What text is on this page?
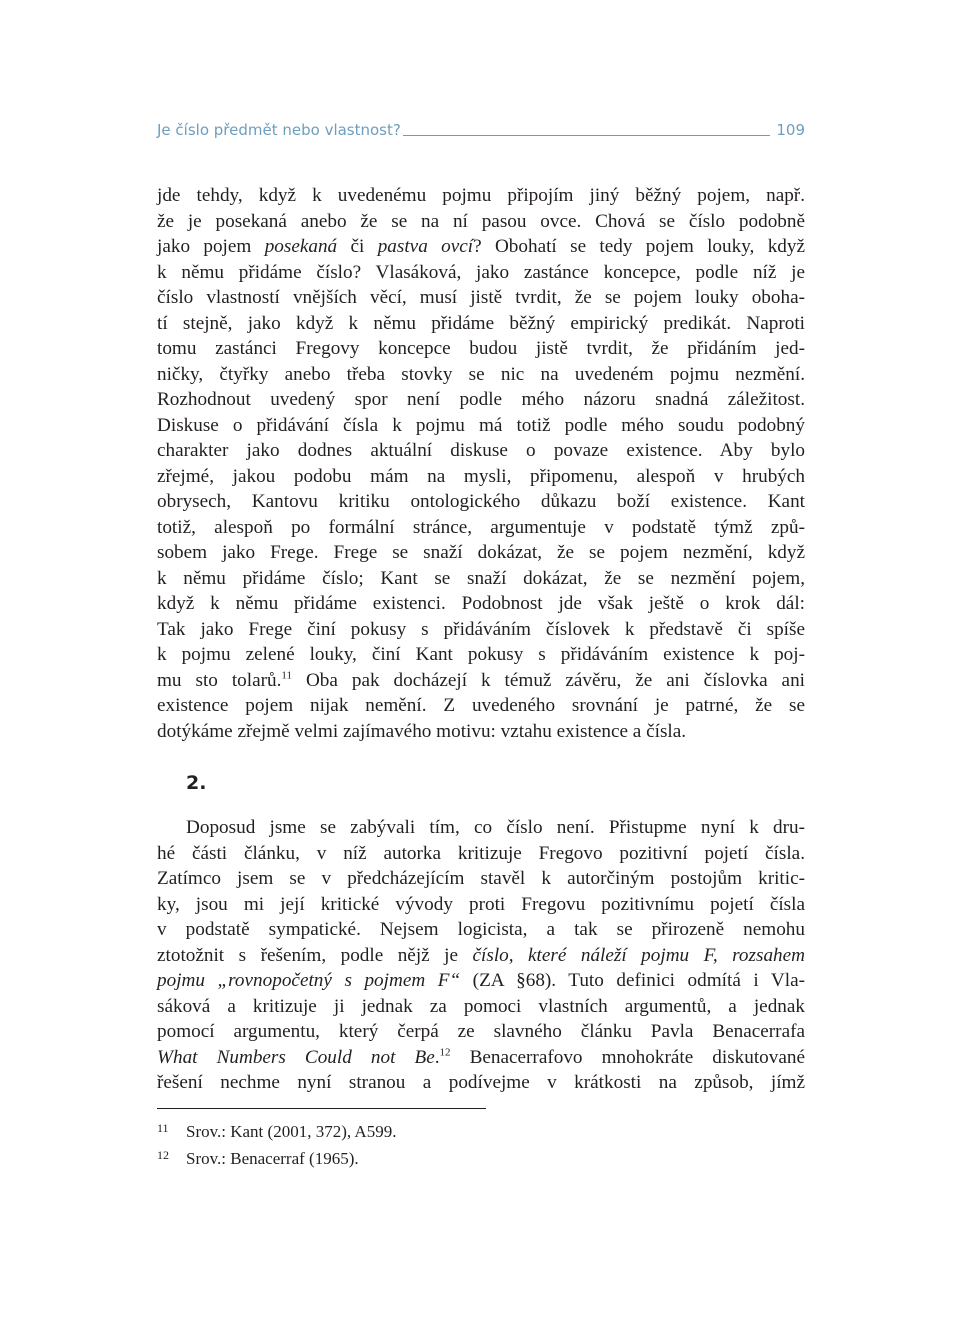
Je číslo předmět nebo vlastnost?	109
jde tehdy, když k uvedenému pojmu připojím jiný běžný pojem, např.
že je posekaná anebo že se na ní pasou ovce. Chová se číslo podobně
jako pojem posekaná či pastva ovcí? Obohatí se tedy pojem louky, když
k němu přidáme číslo? Vlasáková, jako zastánce koncepce, podle níž je
číslo vlastností vnějších věcí, musí jistě tvrdit, že se pojem louky oboha-
tí stejně, jako když k němu přidáme běžný empirický predikát. Naproti
tomu zastánci Fregovy koncepce budou jistě tvrdit, že přidáním jed-
ničky, čtyřky anebo třeba stovky se nic na uvedeném pojmu nezmění.
Rozhodnout uvedený spor není podle mého názoru snadná záležitost.
Diskuse o přidávání čísla k pojmu má totiž podle mého soudu podobný
charakter jako dodnes aktuální diskuse o povaze existence. Aby bylo
zřejmé, jakou podobu mám na mysli, připomenu, alespoň v hrubých
obrysech, Kantovu kritiku ontologického důkazu boží existence. Kant
totiž, alespoň po formální stránce, argumentuje v podstatě týmž způ-
sobem jako Frege. Frege se snaží dokázat, že se pojem nezmění, když
k němu přidáme číslo; Kant se snaží dokázat, že se nezmění pojem,
když k němu přidáme existenci. Podobnost jde však ještě o krok dál:
Tak jako Frege činí pokusy s přidáváním číslovek k představě či spíše
k pojmu zelené louky, činí Kant pokusy s přidáváním existence k poj-
mu sto tolarů.$^{11}$ Oba pak docházejí k témuž závěru, že ani číslovka ani
existence pojem nijak nemění. Z uvedeného srovnání je patrné, že se
dotýkáme zřejmě velmi zajímavého motivu: vztahu existence a čísla.
2.
Doposud jsme se zabývali tím, co číslo není. Přistupme nyní k dru-
hé části článku, v níž autorka kritizuje Fregovo pozitivní pojetí čísla.
Zatímco jsem se v předcházejícím stavěl k autorčiným postojům kritic-
ky, jsou mi její kritické vývody proti Fregovu pozitivnímu pojetí čísla
v podstatě sympatické. Nejsem logicista, a tak se přirozeně nemohu
ztotožnit s řešením, podle nějž je číslo, které náleží pojmu F, rozsahem
pojmu „rovnopočetný s pojmem F“ (ZA §68). Tuto definici odmítá i Vla-
sáková a kritizuje ji jednak za pomoci vlastních argumentů, a jednak
pomocí argumentu, který čerpá ze slavného článku Pavla Benacerrafa
What Numbers Could not Be.$^{12}$ Benacerrafovo mnohokráte diskutované
řešení nechme nyní stranou a podívejme v krátkosti na způsob, jímž
11	Srov.: Kant (2001, 372), A599.
12	Srov.: Benacerraf (1965).
